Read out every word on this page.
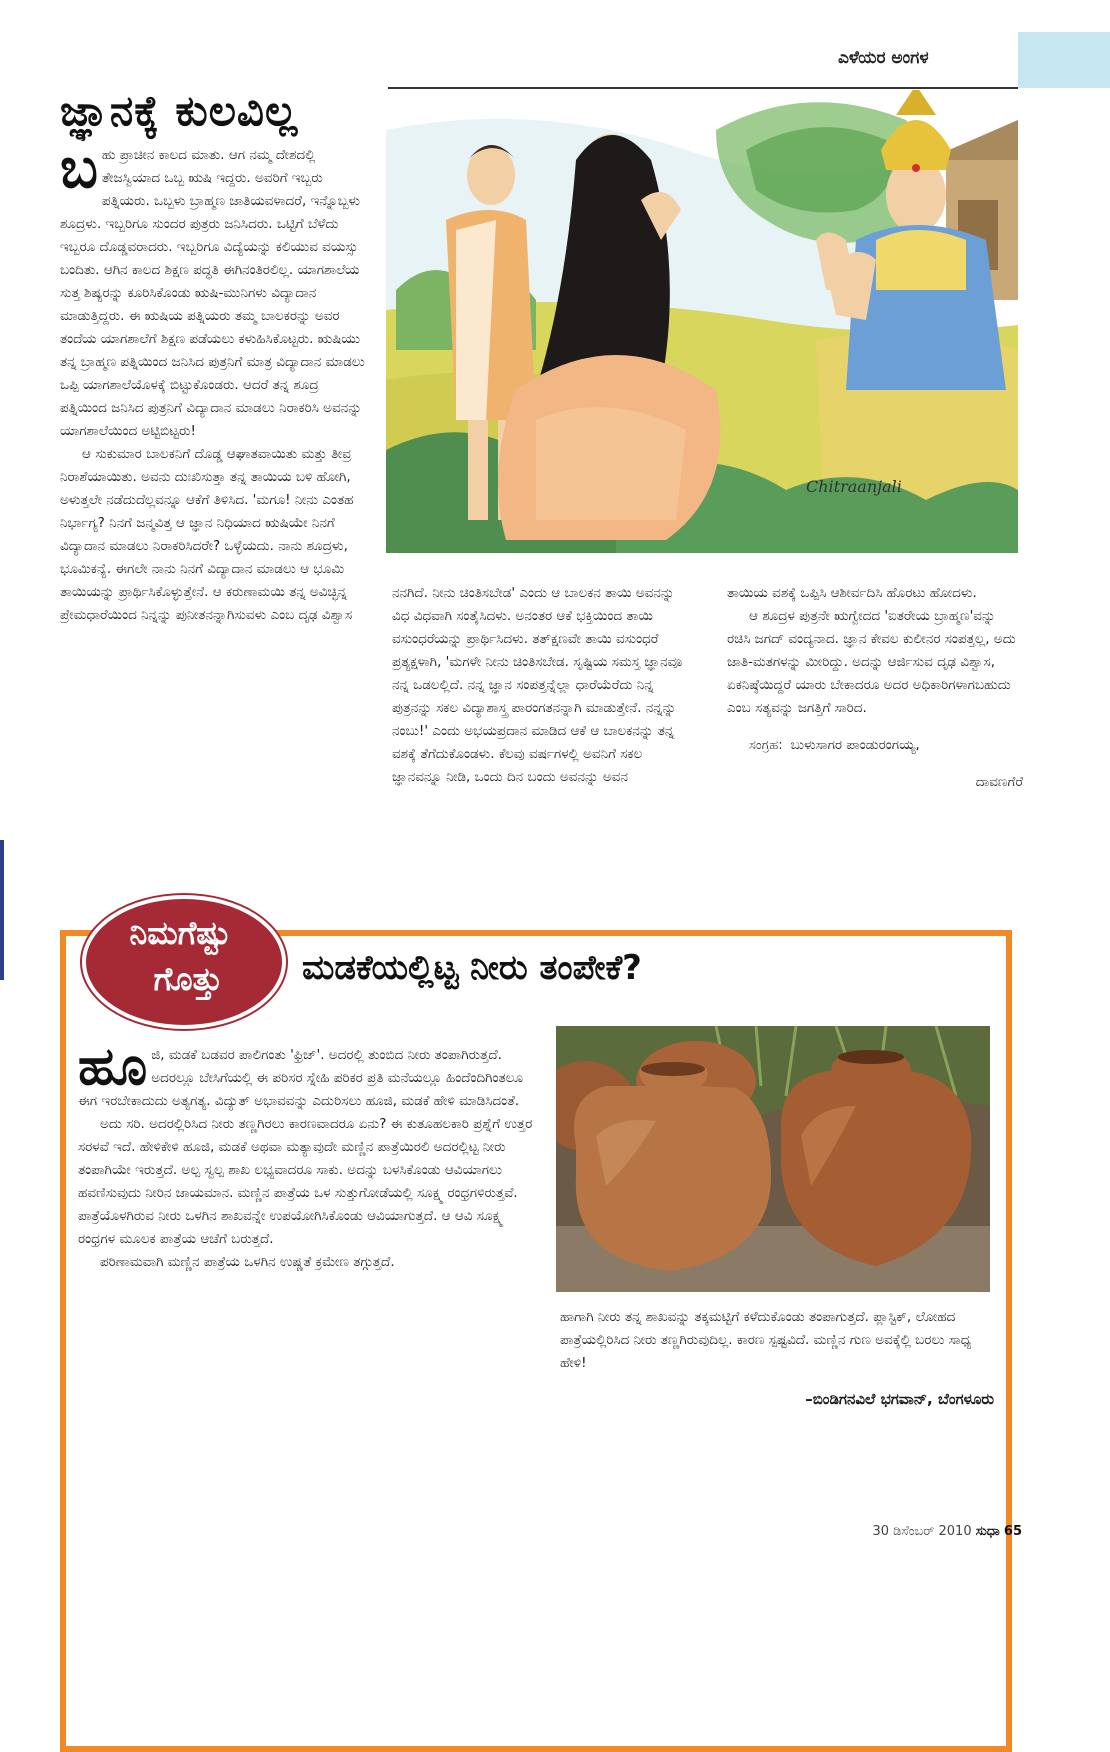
ಎಳೆಯರ ಅಂಗಳ
ಜ್ಞಾನಕ್ಕೆ ಕುಲವಿಲ್ಲ
Chitraanjali

ಬಹು ಪ್ರಾಚೀನ ಕಾಲದ ಮಾತು. ಆಗ ನಮ್ಮ ದೇಶದಲ್ಲಿ ತೇಜಸ್ವಿಯಾದ ಒಬ್ಬ ಋಷಿ ಇದ್ದರು. ಅವರಿಗೆ ಇಬ್ಬರು ಪತ್ನಿಯರು. ಒಬ್ಬಳು ಬ್ರಾಹ್ಮಣ ಜಾತಿಯವಳಾದರೆ, ಇನ್ನೊಬ್ಬಳು ಶೂದ್ರಳು. ಇಬ್ಬರಿಗೂ ಸುಂದರ ಪುತ್ರರು ಜನಿಸಿದರು. ಒಟ್ಟಿಗೆ ಬೆಳೆದು ಇಬ್ಬರೂ ದೊಡ್ಡವರಾದರು. ಇಬ್ಬರಿಗೂ ವಿದ್ಯೆಯನ್ನು ಕಲಿಯುವ ವಯಸ್ಸು ಬಂದಿತು. ಆಗಿನ ಕಾಲದ ಶಿಕ್ಷಣ ಪದ್ಧತಿ ಈಗಿನಂತಿರಲಿಲ್ಲ. ಯಾಗಶಾಲೆಯ ಸುತ್ತ ಶಿಷ್ಯರನ್ನು ಕೂರಿಸಿಕೊಂಡು ಋಷಿ-ಮುನಿಗಳು ವಿದ್ಯಾದಾನ ಮಾಡುತ್ತಿದ್ದರು. ಈ ಋಷಿಯ ಪತ್ನಿಯರು ತಮ್ಮ ಬಾಲಕರನ್ನು ಅವರ ತಂದೆಯ ಯಾಗಶಾಲೆಗೆ ಶಿಕ್ಷಣ ಪಡೆಯಲು ಕಳುಹಿಸಿಕೊಟ್ಟರು. ಋಷಿಯು ತನ್ನ ಬ್ರಾಹ್ಮಣ ಪತ್ನಿಯಿಂದ ಜನಿಸಿದ ಪುತ್ರನಿಗೆ ಮಾತ್ರ ವಿದ್ಯಾದಾನ ಮಾಡಲು ಒಪ್ಪಿ ಯಾಗಶಾಲೆಯೊಳಕ್ಕೆ ಬಿಟ್ಟುಕೊಂಡರು. ಆದರೆ ತನ್ನ ಶೂದ್ರ ಪತ್ನಿಯಿಂದ ಜನಿಸಿದ ಪುತ್ರನಿಗೆ ವಿದ್ಯಾದಾನ ಮಾಡಲು ನಿರಾಕರಿಸಿ ಅವನನ್ನು ಯಾಗಶಾಲೆಯಿಂದ ಅಟ್ಟಿಬಿಟ್ಟರು!

ಆ ಸುಕುಮಾರ ಬಾಲಕನಿಗೆ ದೊಡ್ಡ ಆಘಾತವಾಯಿತು ಮತ್ತು ತೀವ್ರ ನಿರಾಶೆಯಾಯಿತು. ಅವನು ದುಃಖಿಸುತ್ತಾ ತನ್ನ ತಾಯಿಯ ಬಳಿ ಹೋಗಿ, ಅಳುತ್ತಲೇ ನಡೆದುದೆಲ್ಲವನ್ನೂ ಆಕೆಗೆ ತಿಳಿಸಿದ. 'ಮಗೂ! ನೀನು ಎಂತಹ ನಿರ್ಭಾಗ್ಯ? ನಿನಗೆ ಜನ್ಮವಿತ್ತ ಆ ಜ್ಞಾನ ನಿಧಿಯಾದ ಋಷಿಯೇ ನಿನಗೆ ವಿದ್ಯಾದಾನ ಮಾಡಲು ನಿರಾಕರಿಸಿದರೇ? ಒಳ್ಳೆಯದು. ನಾನು ಶೂದ್ರಳು, ಭೂಮಿಕನ್ಯೆ. ಈಗಲೇ ನಾನು ನಿನಗೆ ವಿದ್ಯಾದಾನ ಮಾಡಲು ಆ ಭೂಮಿ ತಾಯಿಯನ್ನು ಪ್ರಾರ್ಥಿಸಿಕೊಳ್ಳುತ್ತೇನೆ. ಆ ಕರುಣಾಮಯಿ ತನ್ನ ಅವಿಚ್ಛಿನ್ನ ಪ್ರೇಮಧಾರೆಯಿಂದ ನಿನ್ನನ್ನು ಪುನೀತನನ್ನಾಗಿಸುವಳು ಎಂಬ ದೃಢ ವಿಶ್ವಾಸ

ನನಗಿದೆ. ನೀನು ಚಿಂತಿಸಬೇಡ' ಎಂದು ಆ ಬಾಲಕನ ತಾಯಿ ಅವನನ್ನು ವಿಧ ವಿಧವಾಗಿ ಸಂತೈಸಿದಳು. ಅನಂತರ ಆಕೆ ಭಕ್ತಿಯಿಂದ ತಾಯಿ ವಸುಂಧರೆಯನ್ನು ಪ್ರಾರ್ಥಿಸಿದಳು. ತತ್‌ಕ್ಷಣವೇ ತಾಯಿ ವಸುಂಧರೆ ಪ್ರತ್ಯಕ್ಷಳಾಗಿ, 'ಮಗಳೇ ನೀನು ಚಿಂತಿಸಬೇಡ. ಸೃಷ್ಟಿಯ ಸಮಸ್ತ ಜ್ಞಾನವೂ ನನ್ನ ಒಡಲಲ್ಲಿದೆ. ನನ್ನ ಜ್ಞಾನ ಸಂಪತ್ತನ್ನೆಲ್ಲಾ ಧಾರೆಯೆರೆದು ನಿನ್ನ ಪುತ್ರನನ್ನು ಸಕಲ ವಿದ್ಯಾಶಾಸ್ತ್ರ ಪಾರಂಗತನನ್ನಾಗಿ ಮಾಡುತ್ತೇನೆ. ನನ್ನನ್ನು ನಂಬು!' ಎಂದು ಅಭಯಪ್ರದಾನ ಮಾಡಿದ ಆಕೆ ಆ ಬಾಲಕನನ್ನು ತನ್ನ ವಶಕ್ಕೆ ತೆಗೆದುಕೊಂಡಳು. ಕೆಲವು ವರ್ಷಗಳಲ್ಲಿ ಅವನಿಗೆ ಸಕಲ ಜ್ಞಾನವನ್ನೂ ನೀಡಿ, ಒಂದು ದಿನ ಬಂದು ಅವನನ್ನು ಅವನ

ತಾಯಿಯ ವಶಕ್ಕೆ ಒಪ್ಪಿಸಿ ಆಶೀರ್ವದಿಸಿ ಹೊರಟು ಹೋದಳು.

ಆ ಶೂದ್ರಳ ಪುತ್ರನೇ ಋಗ್ವೇದದ 'ಐತರೇಯ ಬ್ರಾಹ್ಮಣ'ವನ್ನು ರಚಿಸಿ ಜಗದ್ ವಂದ್ಯನಾದ. ಜ್ಞಾನ ಕೇವಲ ಕುಲೀನರ ಸಂಪತ್ತಲ್ಲ, ಅದು ಜಾತಿ-ಮತಗಳನ್ನು ಮೀರಿದ್ದು. ಅದನ್ನು ಆರ್ಜಿಸುವ ದೃಢ ವಿಶ್ವಾಸ, ಏಕನಿಷ್ಠೆಯಿದ್ದರೆ ಯಾರು ಬೇಕಾದರೂ ಅದರ ಅಧಿಕಾರಿಗಳಾಗಬಹುದು ಎಂಬ ಸತ್ಯವನ್ನು ಜಗತ್ತಿಗೆ ಸಾರಿದ.

ಸಂಗ್ರಹ: ಬುಳುಸಾಗರ ಪಾಂಡುರಂಗಯ್ಯ,

ದಾವಣಗೆರೆ

ನಿಮಗೆಷ್ಟು
ಗೊತ್ತು	ಮಡಕೆಯಲ್ಲಿಟ್ಟ ನೀರು ತಂಪೇಕೆ?

ಹೂಜಿ, ಮಡಕೆ ಬಡವರ ಪಾಲಿಗಂತು 'ಫ್ರಿಜ್'. ಅದರಲ್ಲಿ ತುಂಬಿದ ನೀರು ತಂಪಾಗಿರುತ್ತದೆ. ಅದರಲ್ಲೂ ಬೇಸಿಗೆಯಲ್ಲಿ ಈ ಪರಿಸರ ಸ್ನೇಹಿ ಪರಿಕರ ಪ್ರತಿ ಮನೆಯಲ್ಲೂ ಹಿಂದೆಂದಿಗಿಂತಲೂ ಈಗ ಇರಬೇಕಾದುದು ಅತ್ಯಗತ್ಯ. ವಿದ್ಯುತ್ ಅಭಾವವನ್ನು ಎದುರಿಸಲು ಹೂಜಿ, ಮಡಕೆ ಹೇಳಿ ಮಾಡಿಸಿದಂತೆ.

ಅದು ಸರಿ. ಅದರಲ್ಲಿರಿಸಿದ ನೀರು ತಣ್ಣಗಿರಲು ಕಾರಣವಾದರೂ ಏನು? ಈ ಕುತೂಹಲಕಾರಿ ಪ್ರಶ್ನೆಗೆ ಉತ್ತರ ಸರಳವೆ ಇದೆ. ಹೇಳಿಕೇಳಿ ಹೂಜಿ, ಮಡಕೆ ಅಥವಾ ಮತ್ಯಾವುದೇ ಮಣ್ಣಿನ ಪಾತ್ರೆಯಿರಲಿ ಅದರಲ್ಲಿಟ್ಟ ನೀರು ತಂಪಾಗಿಯೇ ಇರುತ್ತದೆ. ಅಲ್ಪ ಸ್ವಲ್ಪ ಶಾಖ ಲಭ್ಯವಾದರೂ ಸಾಕು. ಅದನ್ನು ಬಳಸಿಕೊಂಡು ಆವಿಯಾಗಲು ಹವಣಿಸುವುದು ನೀರಿನ ಜಾಯಮಾನ. ಮಣ್ಣಿನ ಪಾತ್ರೆಯ ಒಳ ಸುತ್ತುಗೋಡೆಯಲ್ಲಿ ಸೂಕ್ಷ್ಮ ರಂಧ್ರಗಳಿರುತ್ತವೆ. ಪಾತ್ರೆಯೊಳಗಿರುವ ನೀರು ಒಳಗಿನ ಶಾಖವನ್ನೇ ಉಪಯೋಗಿಸಿಕೊಂಡು ಆವಿಯಾಗುತ್ತದೆ. ಆ ಆವಿ ಸೂಕ್ಷ್ಮ ರಂಧ್ರಗಳ ಮೂಲಕ ಪಾತ್ರೆಯ ಆಚೆಗೆ ಬರುತ್ತದೆ.

ಪರಿಣಾಮವಾಗಿ ಮಣ್ಣಿನ ಪಾತ್ರೆಯ ಒಳಗಿನ ಉಷ್ಣತೆ ಕ್ರಮೇಣ ತಗ್ಗುತ್ತದೆ.

ಹಾಗಾಗಿ ನೀರು ತನ್ನ ಶಾಖವನ್ನು ತಕ್ಕಮಟ್ಟಿಗೆ ಕಳೆದುಕೊಂಡು ತಂಪಾಗುತ್ತದೆ. ಪ್ಲಾಸ್ಟಿಕ್, ಲೋಹದ ಪಾತ್ರೆಯಲ್ಲಿರಿಸಿದ ನೀರು ತಣ್ಣಗಿರುವುದಿಲ್ಲ. ಕಾರಣ ಸ್ಪಷ್ಟವಿದೆ. ಮಣ್ಣಿನ ಗುಣ ಅವಕ್ಕೆಲ್ಲಿ ಬರಲು ಸಾಧ್ಯ ಹೇಳಿ!

–ಬಿಂಡಿಗನವಿಲೆ ಭಗವಾನ್, ಬೆಂಗಳೂರು
30 ಡಿಸೆಂಬರ್ 2010 ಸುಧಾ 65
